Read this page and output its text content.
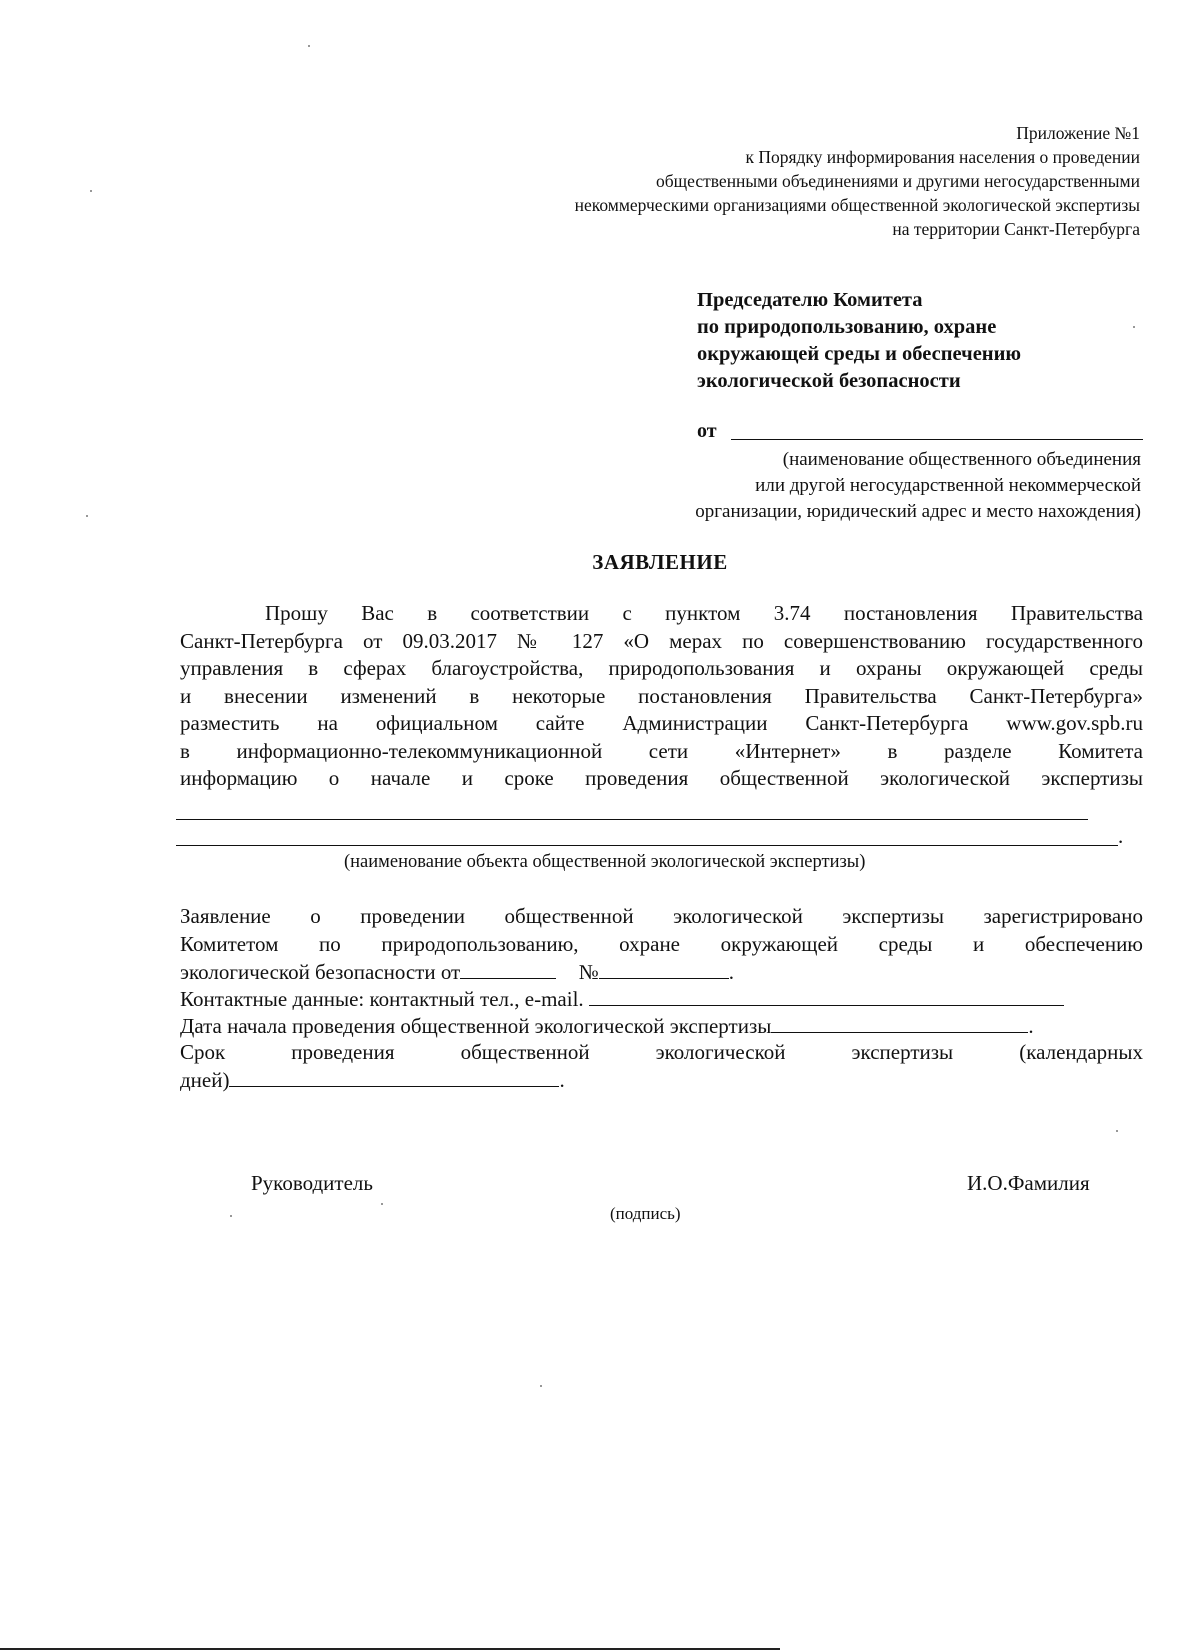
Приложение №1
к Порядку информирования населения о проведении
общественными объединениями и другими негосударственными
некоммерческими организациями общественной экологической экспертизы
на территории Санкт-Петербурга
Председателю Комитета
по природопользованию, охране
окружающей среды и обеспечению
экологической безопасности
от
(наименование общественного объединения
или другой негосударственной некоммерческой
организации, юридический адрес и место нахождения)
ЗАЯВЛЕНИЕ
Прошу Вас в соответствии с пунктом 3.74 постановления Правительства
Санкт-Петербурга от 09.03.2017 № 127 «О мерах по совершенствованию государственного
управления в сферах благоустройства, природопользования и охраны окружающей среды
и внесении изменений в некоторые постановления Правительства Санкт-Петербурга»
разместить на официальном сайте Администрации Санкт-Петербурга www.gov.spb.ru
в информационно-телекоммуникационной сети «Интернет» в разделе Комитета
информацию о начале и сроке проведения общественной экологической экспертизы
.
(наименование объекта общественной экологической экспертизы)
Заявление о проведении общественной экологической экспертизы зарегистрировано
Комитетом по природопользованию, охране окружающей среды и обеспечению
экологической безопасности от	№	.
Контактные данные: контактный тел., e-mail.
Дата начала проведения общественной экологической экспертизы	.
Срок проведения общественной экологической экспертизы (календарных
дней)	.
Руководитель	И.О.Фамилия
(подпись)
